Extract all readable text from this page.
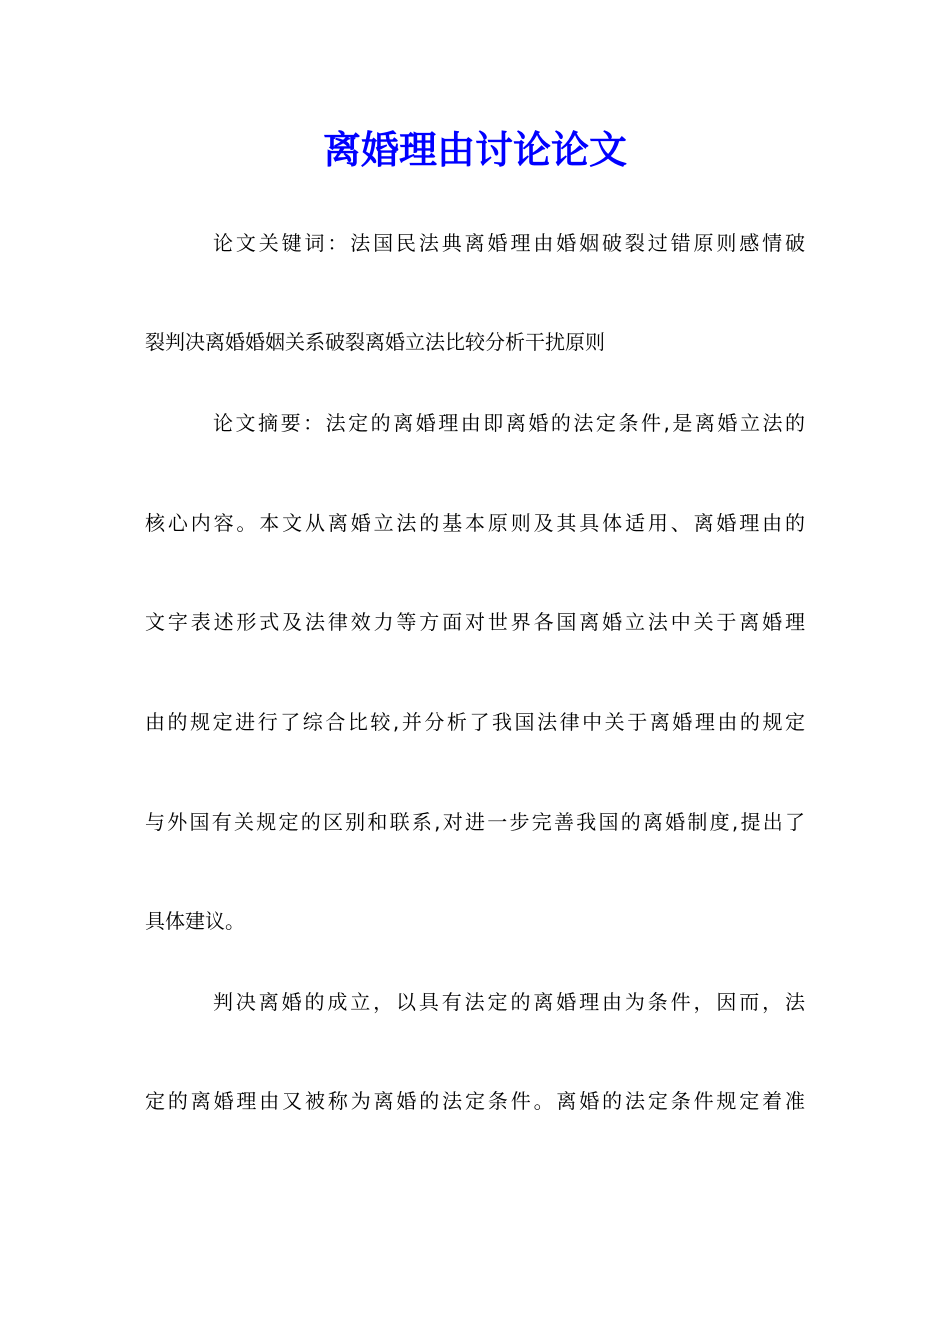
离婚理由讨论论文
论文关键词：法国民法典离婚理由婚姻破裂过错原则感情破
裂判决离婚婚姻关系破裂离婚立法比较分析干扰原则
论文摘要：法定的离婚理由即离婚的法定条件,是离婚立法的
核心内容。本文从离婚立法的基本原则及其具体适用、离婚理由的
文字表述形式及法律效力等方面对世界各国离婚立法中关于离婚理
由的规定进行了综合比较,并分析了我国法律中关于离婚理由的规定
与外国有关规定的区别和联系,对进一步完善我国的离婚制度,提出了
具体建议。
判决离婚的成立，以具有法定的离婚理由为条件，因而，法
定的离婚理由又被称为离婚的法定条件。离婚的法定条件规定着准
